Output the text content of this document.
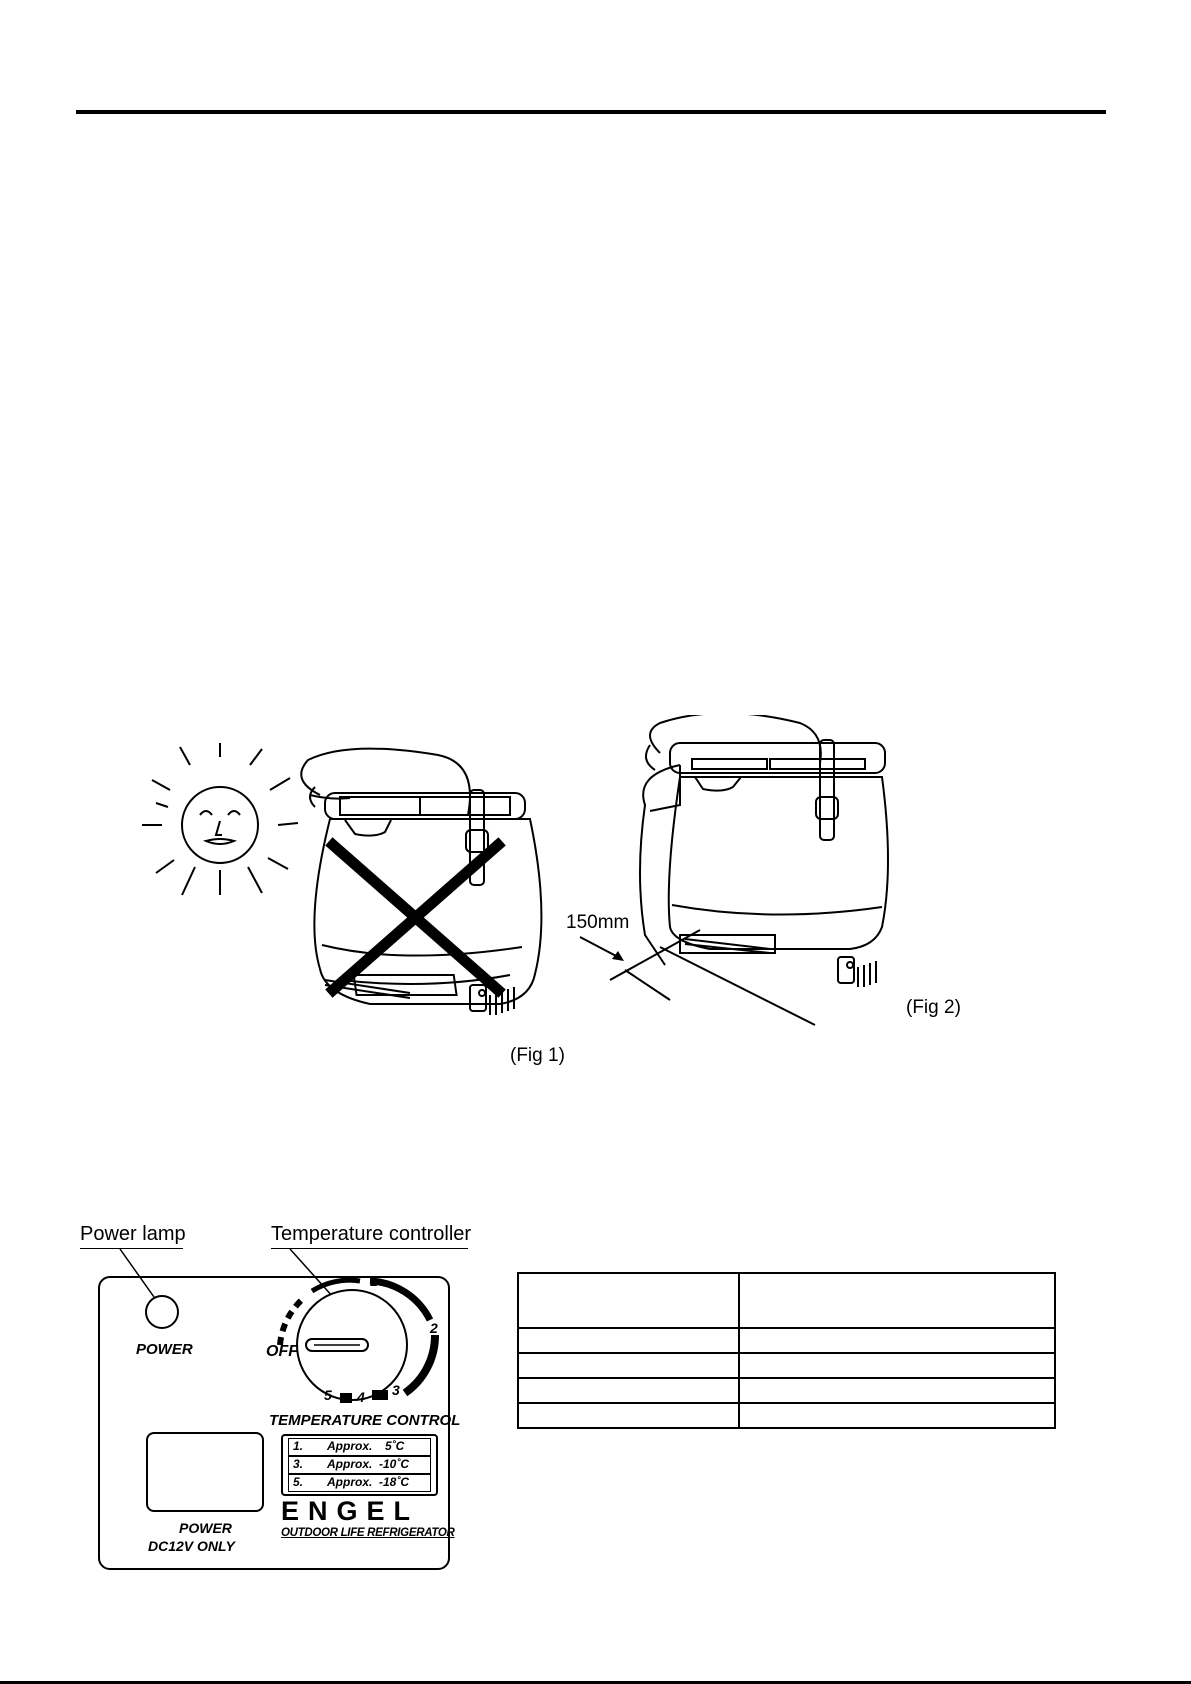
(Fig 1)
150mm
(Fig 2)
Power lamp	Temperature controller
POWER	OFF
1
2
3
4
5
TEMPERATURE CONTROL
1.	Approx.	5˚C
3.	Approx. -10˚C
5.	Approx. -18˚C
POWER
DC12V ONLY
ENGEL
OUTDOOR LIFE REFRIGERATOR
